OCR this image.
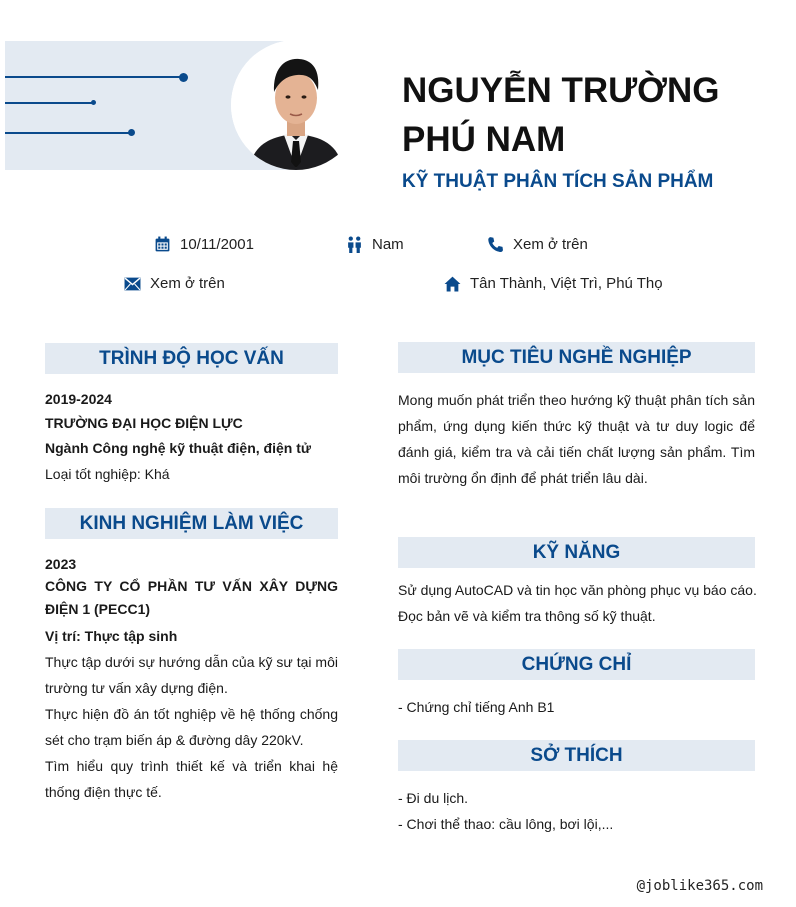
NGUYỄN TRƯỜNG PHÚ NAM
KỸ THUẬT PHÂN TÍCH SẢN PHẨM
10/11/2001	Nam	Xem ở trên
Xem ở trên	Tân Thành, Việt Trì, Phú Thọ
TRÌNH ĐỘ HỌC VẤN
2019-2024
TRƯỜNG ĐẠI HỌC ĐIỆN LỰC
Ngành Công nghệ kỹ thuật điện, điện tử
Loại tốt nghiệp: Khá
KINH NGHIỆM LÀM VIỆC
2023
CÔNG TY CỔ PHẦN TƯ VẤN XÂY DỰNG ĐIỆN 1 (PECC1)
Vị trí: Thực tập sinh
Thực tập dưới sự hướng dẫn của kỹ sư tại môi trường tư vấn xây dựng điện.
Thực hiện đồ án tốt nghiệp về hệ thống chống sét cho trạm biến áp & đường dây 220kV.
Tìm hiểu quy trình thiết kế và triển khai hệ thống điện thực tế.
MỤC TIÊU NGHỀ NGHIỆP
Mong muốn phát triển theo hướng kỹ thuật phân tích sản phẩm, ứng dụng kiến thức kỹ thuật và tư duy logic để đánh giá, kiểm tra và cải tiến chất lượng sản phẩm. Tìm môi trường ổn định để phát triển lâu dài.
KỸ NĂNG
Sử dụng AutoCAD và tin học văn phòng phục vụ báo cáo.
Đọc bản vẽ và kiểm tra thông số kỹ thuật.
CHỨNG CHỈ
- Chứng chỉ tiếng Anh B1
SỞ THÍCH
- Đi du lịch.
- Chơi thể thao: cầu lông, bơi lội,...
@joblike365.com
